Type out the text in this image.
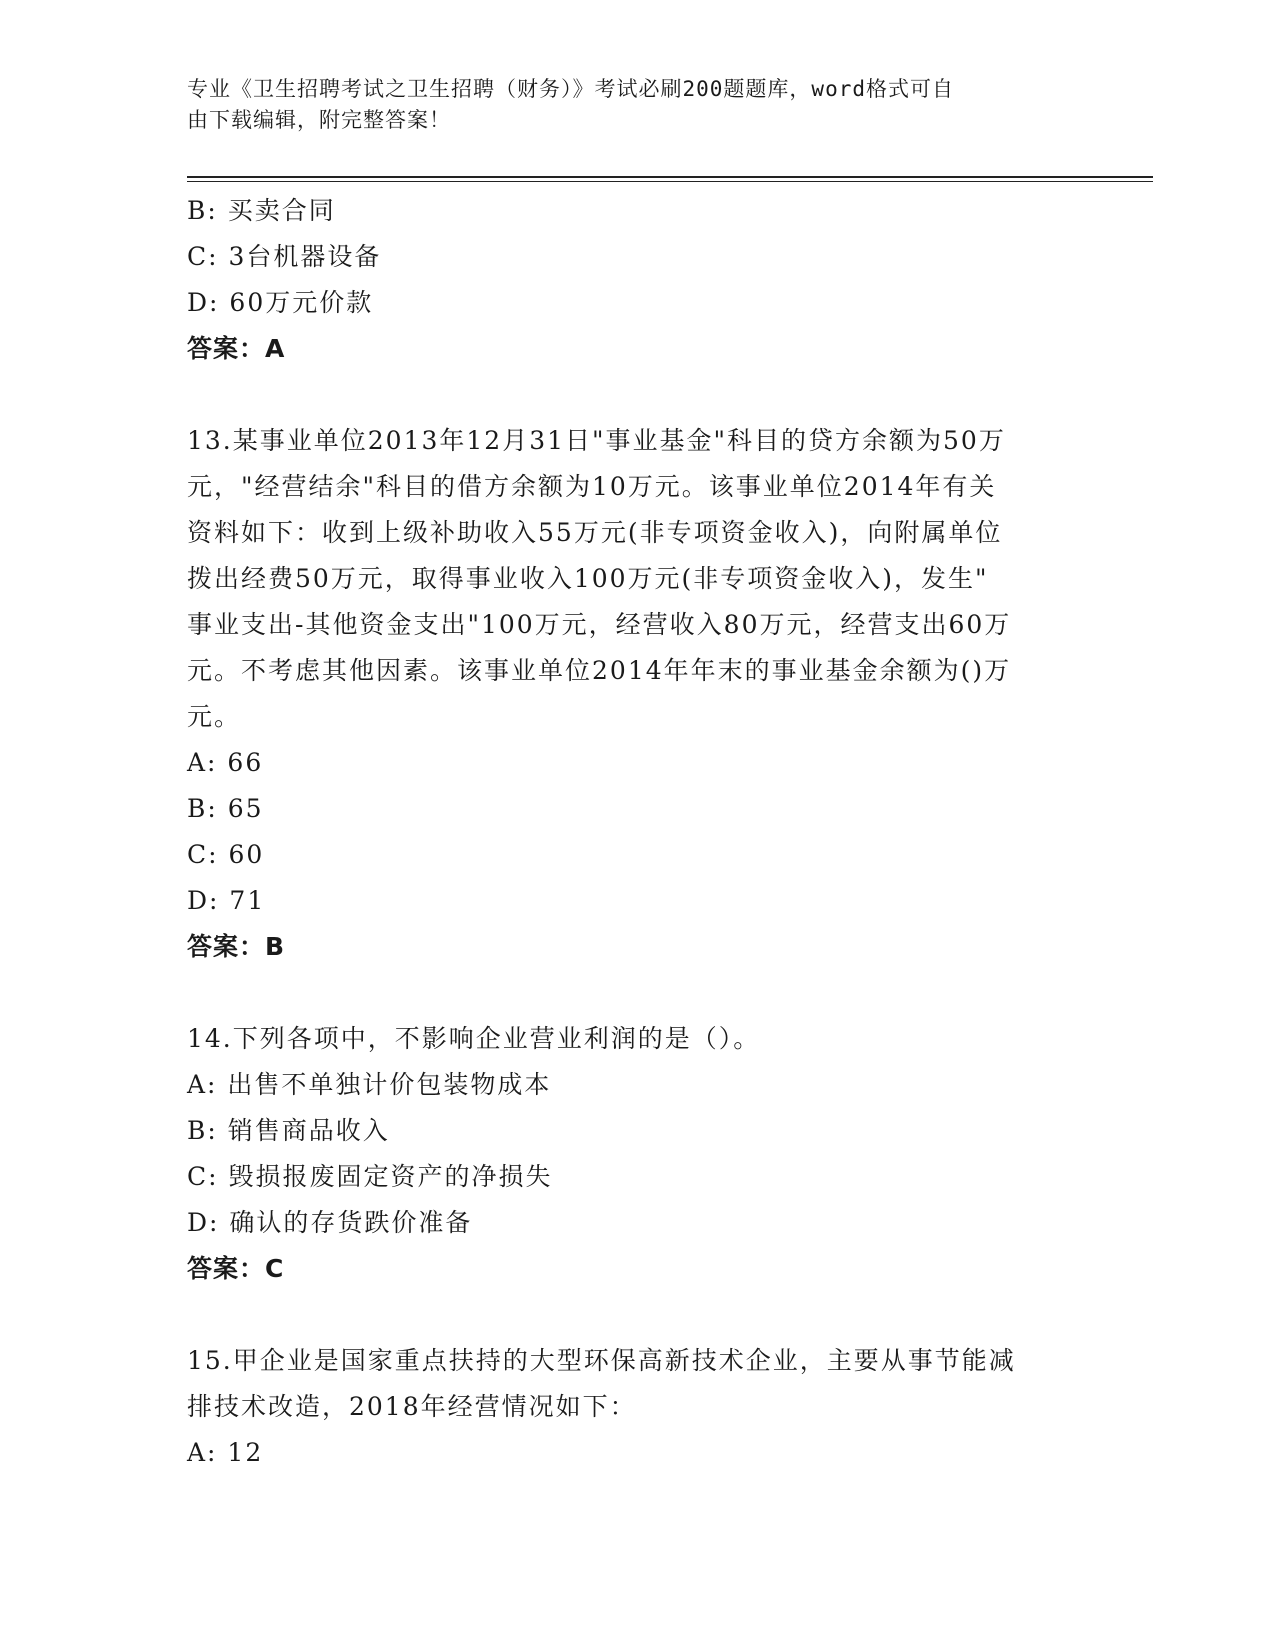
专业《卫生招聘考试之卫生招聘（财务）》考试必刷200题题库，word格式可自
由下载编辑，附完整答案！
B: 买卖合同
C: 3台机器设备
D: 60万元价款
答案：A
13.某事业单位2013年12月31日"事业基金"科目的贷方余额为50万
元，"经营结余"科目的借方余额为10万元。该事业单位2014年有关
资料如下：收到上级补助收入55万元(非专项资金收入)，向附属单位
拨出经费50万元，取得事业收入100万元(非专项资金收入)，发生"
事业支出-其他资金支出"100万元，经营收入80万元，经营支出60万
元。不考虑其他因素。该事业单位2014年年末的事业基金余额为()万
元。
A: 66
B: 65
C: 60
D: 71
答案：B
14.下列各项中，不影响企业营业利润的是（）。
A: 出售不单独计价包装物成本
B: 销售商品收入
C: 毁损报废固定资产的净损失
D: 确认的存货跌价准备
答案：C
15.甲企业是国家重点扶持的大型环保高新技术企业，主要从事节能减
排技术改造，2018年经营情况如下：
A: 12
